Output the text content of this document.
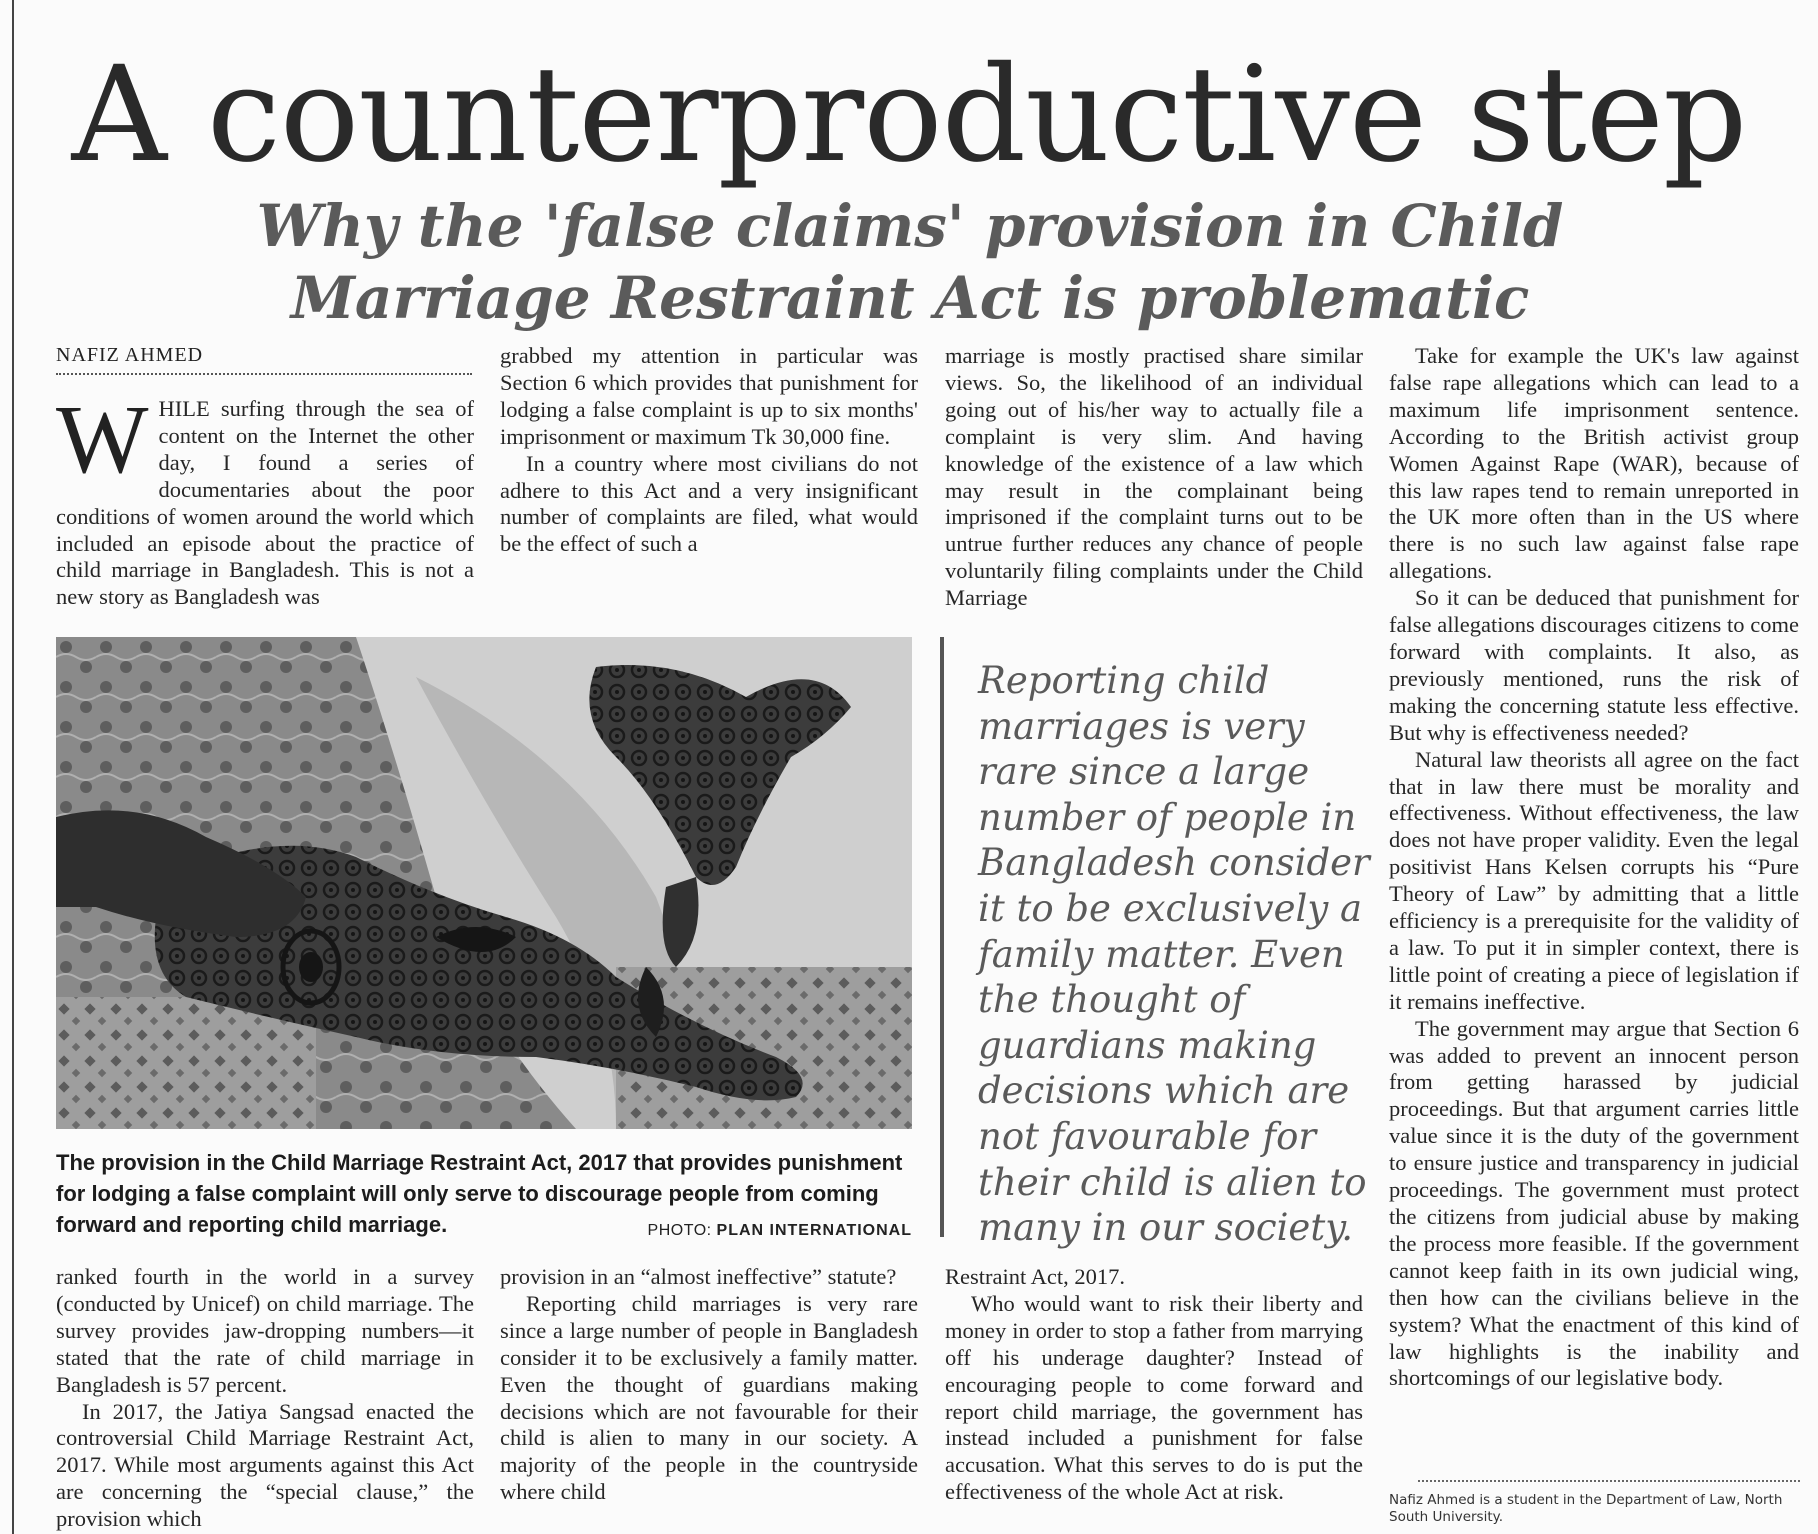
A counterproductive step
Why the 'false claims' provision in Child Marriage Restraint Act is problematic
NAFIZ AHMED

WHILE surfing through the sea of content on the Internet the other day, I found a series of documentaries about the poor conditions of women around the world which included an episode about the practice of child marriage in Bangladesh. This is not a new story as Bangladesh was

grabbed my attention in particular was Section 6 which provides that punishment for lodging a false complaint is up to six months' imprisonment or maximum Tk 30,000 fine.

In a country where most civilians do not adhere to this Act and a very insignificant number of complaints are filed, what would be the effect of such a

marriage is mostly practised share similar views. So, the likelihood of an individual going out of his/her way to actually file a complaint is very slim. And having knowledge of the existence of a law which may result in the complainant being imprisoned if the complaint turns out to be untrue further reduces any chance of people voluntarily filing complaints under the Child Marriage

Take for example the UK's law against false rape allegations which can lead to a maximum life imprisonment sentence. According to the British activist group Women Against Rape (WAR), because of this law rapes tend to remain unreported in the UK more often than in the US where there is no such law against false rape allegations.

So it can be deduced that punishment for false allegations discourages citizens to come forward with complaints. It also, as previously mentioned, runs the risk of making the concerning statute less effective. But why is effectiveness needed?

Natural law theorists all agree on the fact that in law there must be morality and effectiveness. Without effectiveness, the law does not have proper validity. Even the legal positivist Hans Kelsen corrupts his “Pure Theory of Law” by admitting that a little efficiency is a prerequisite for the validity of a law. To put it in simpler context, there is little point of creating a piece of legislation if it remains ineffective.

The government may argue that Section 6 was added to prevent an innocent person from getting harassed by judicial proceedings. But that argument carries little value since it is the duty of the government to ensure justice and transparency in judicial proceedings. The government must protect the citizens from judicial abuse by making the process more feasible. If the government cannot keep faith in its own judicial wing, then how can the civilians believe in the system? What the enactment of this kind of law highlights is the inability and shortcomings of our legislative body.

The provision in the Child Marriage Restraint Act, 2017 that provides punishment for lodging a false complaint will only serve to discourage people from coming forward and reporting child marriage.	PHOTO: PLAN INTERNATIONAL
Reporting child marriages is very rare since a large number of people in Bangladesh consider it to be exclusively a family matter. Even the thought of guardians making decisions which are not favourable for their child is alien to many in our society.

ranked fourth in the world in a survey (conducted by Unicef) on child marriage. The survey provides jaw-dropping numbers—it stated that the rate of child marriage in Bangladesh is 57 percent.

In 2017, the Jatiya Sangsad enacted the controversial Child Marriage Restraint Act, 2017. While most arguments against this Act are concerning the “special clause,” the provision which

provision in an “almost ineffective” statute?

Reporting child marriages is very rare since a large number of people in Bangladesh consider it to be exclusively a family matter. Even the thought of guardians making decisions which are not favourable for their child is alien to many in our society. A majority of the people in the countryside where child

Restraint Act, 2017.

Who would want to risk their liberty and money in order to stop a father from marrying off his underage daughter? Instead of encouraging people to come forward and report child marriage, the government has instead included a punishment for false accusation. What this serves to do is put the effectiveness of the whole Act at risk.	Nafiz Ahmed is a student in the Department of Law, North South University.
